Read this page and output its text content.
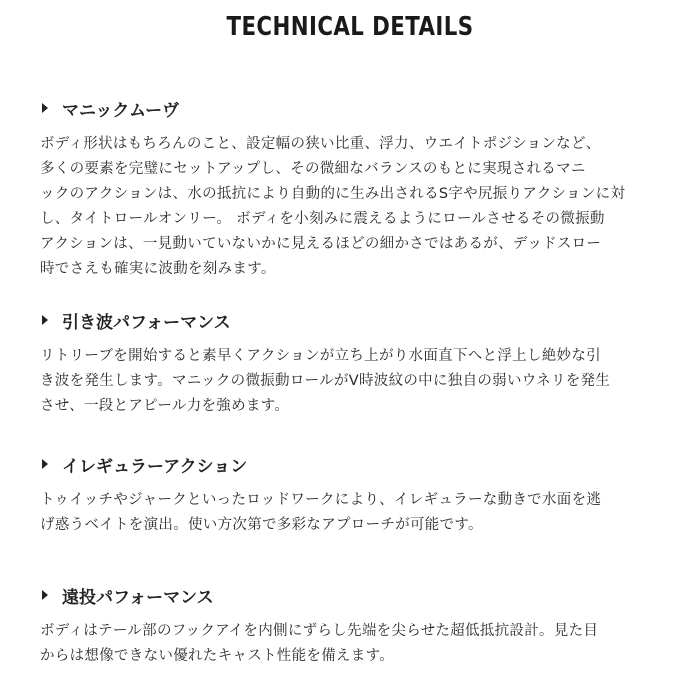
TECHNICAL DETAILS
マニックムーヴ

ボディ形状はもちろんのこと、設定幅の狭い比重、浮力、ウエイトポジションなど、
多くの要素を完璧にセットアップし、その微細なバランスのもとに実現されるマニ
ックのアクションは、水の抵抗により自動的に生み出されるS字や尻振りアクションに対
し、タイトロールオンリー。 ボディを小刻みに震えるようにロールさせるその微振動
アクションは、一見動いていないかに見えるほどの細かさではあるが、デッドスロー
時でさえも確実に波動を刻みます。

引き波パフォーマンス

リトリーブを開始すると素早くアクションが立ち上がり水面直下へと浮上し絶妙な引
き波を発生します。マニックの微振動ロールがV時波紋の中に独自の弱いウネリを発生
させ、一段とアピール力を強めます。

イレギュラーアクション

トゥイッチやジャークといったロッドワークにより、イレギュラーな動きで水面を逃
げ惑うベイトを演出。使い方次第で多彩なアプローチが可能です。

遠投パフォーマンス

ボディはテール部のフックアイを内側にずらし先端を尖らせた超低抵抗設計。見た目
からは想像できない優れたキャスト性能を備えます。
